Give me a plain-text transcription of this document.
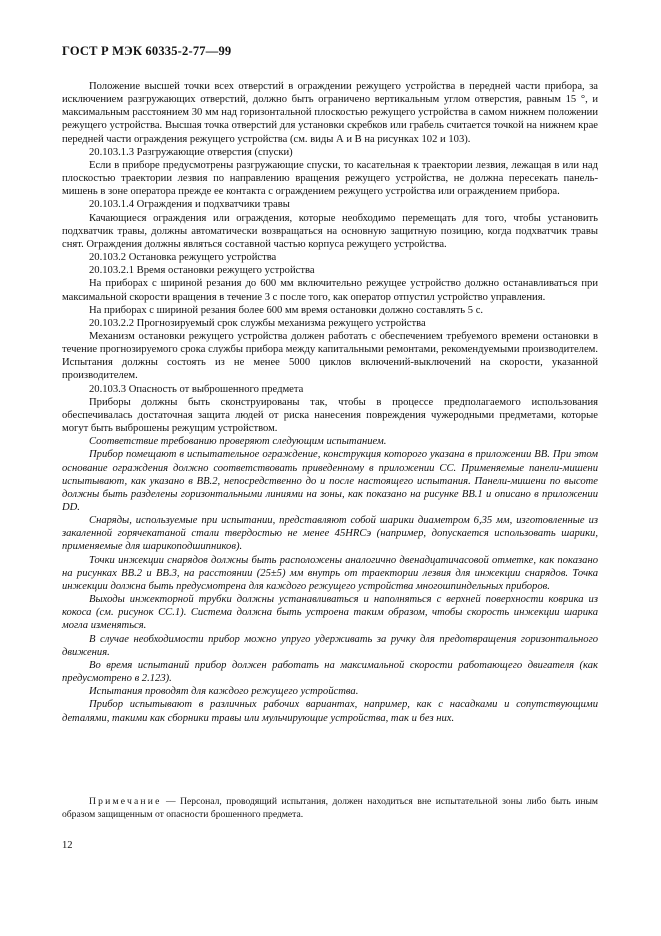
ГОСТ Р МЭК 60335-2-77—99

Положение высшей точки всех отверстий в ограждении режущего устройства в передней части прибора, за исключением разгружающих отверстий, должно быть ограничено вертикальным углом отверстия, равным 15 °, и максимальным расстоянием 30 мм над горизонтальной плоскостью режущего устройства в самом нижнем положении режущего устройства. Высшая точка отверстий для установки скребков или грабель считается точкой на нижнем крае передней части ограждения режущего устройства (см. виды А и В на рисунках 102 и 103).

20.103.1.3 Разгружающие отверстия (спуски)

Если в приборе предусмотрены разгружающие спуски, то касательная к траектории лезвия, лежащая в или над плоскостью траектории лезвия по направлению вращения режущего устройства, не должна пересекать панель-мишень в зоне оператора прежде ее контакта с ограждением режущего устройства или ограждением прибора.

20.103.1.4 Ограждения и подхватчики травы

Качающиеся ограждения или ограждения, которые необходимо перемещать для того, чтобы установить подхватчик травы, должны автоматически возвращаться на основную защитную позицию, когда подхватчик травы снят. Ограждения должны являться составной частью корпуса режущего устройства.

20.103.2 Остановка режущего устройства

20.103.2.1 Время остановки режущего устройства

На приборах с шириной резания до 600 мм включительно режущее устройство должно останавливаться при максимальной скорости вращения в течение 3 с после того, как оператор отпустил устройство управления.

На приборах с шириной резания более 600 мм время остановки должно составлять 5 с.

20.103.2.2 Прогнозируемый срок службы механизма режущего устройства

Механизм остановки режущего устройства должен работать с обеспечением требуемого времени остановки в течение прогнозируемого срока службы прибора между капитальными ремонтами, рекомендуемыми производителем. Испытания должны состоять из не менее 5000 циклов включений-выключений на скорости, указанной производителем.

20.103.3 Опасность от выброшенного предмета

Приборы должны быть сконструированы так, чтобы в процессе предполагаемого использования обеспечивалась достаточная защита людей от риска нанесения повреждения чужеродными предметами, которые могут быть выброшены режущим устройством.

Соответствие требованию проверяют следующим испытанием.

Прибор помещают в испытательное ограждение, конструкция которого указана в приложении ВВ. При этом основание ограждения должно соответствовать приведенному в приложении СС. Применяемые панели-мишени испытывают, как указано в ВВ.2, непосредственно до и после настоящего испытания. Панели-мишени по высоте должны быть разделены горизонтальными линиями на зоны, как показано на рисунке ВВ.1 и описано в приложении DD.

Снаряды, используемые при испытании, представляют собой шарики диаметром 6,35 мм, изготовленные из закаленной горячекатаной стали твердостью не менее 45HRCэ (например, допускается использовать шарики, применяемые для шарикоподшипников).

Точки инжекции снарядов должны быть расположены аналогично двенадцатичасовой отметке, как показано на рисунках ВВ.2 и ВВ.3, на расстоянии (25±5) мм внутрь от траектории лезвия для инжекции снарядов. Точка инжекции должна быть предусмотрена для каждого режущего устройства многошпиндельных приборов.

Выходы инжекторной трубки должны устанавливаться и наполняться с верхней поверхности коврика из кокоса (см. рисунок СС.1). Система должна быть устроена таким образом, чтобы скорость инжекции шарика могла изменяться.

В случае необходимости прибор можно упруго удерживать за ручку для предотвращения горизонтального движения.

Во время испытаний прибор должен работать на максимальной скорости работающего двигателя (как предусмотрено в 2.123).

Испытания проводят для каждого режущего устройства.

Прибор испытывают в различных рабочих вариантах, например, как с насадками и сопутствующими деталями, такими как сборники травы или мульчирующие устройства, так и без них.

Примечание — Персонал, проводящий испытания, должен находиться вне испытательной зоны либо быть иным образом защищенным от опасности брошенного предмета.
12
